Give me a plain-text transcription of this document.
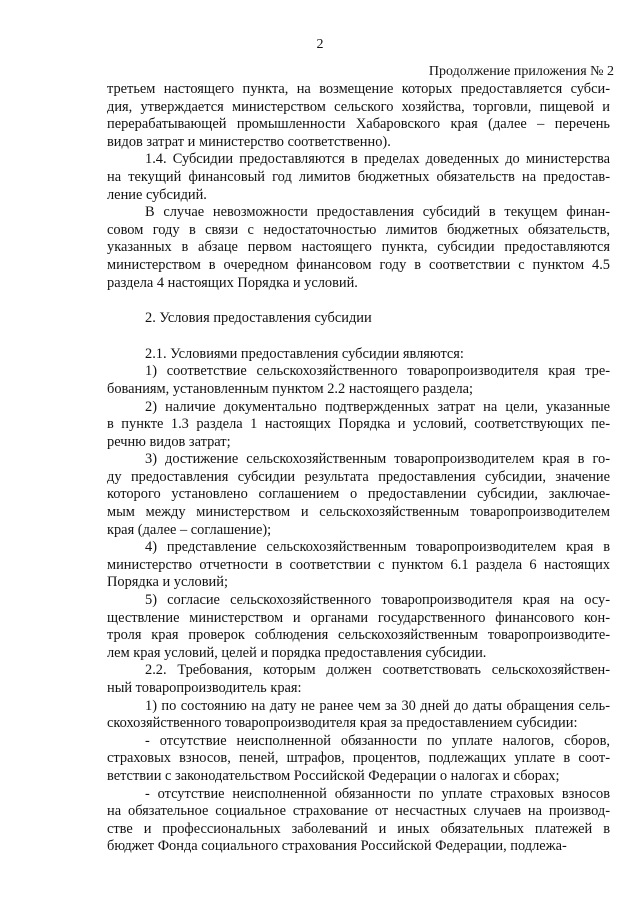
2
Продолжение приложения № 2
третьем настоящего пункта, на возмещение которых предоставляется субси-
дия, утверждается министерством сельского хозяйства, торговли, пищевой и
перерабатывающей промышленности Хабаровского края (далее – перечень
видов затрат и министерство соответственно).
1.4. Субсидии предоставляются в пределах доведенных до министерства
на текущий финансовый год лимитов бюджетных обязательств на предостав-
ление субсидий.
В случае невозможности предоставления субсидий в текущем финан-
совом году в связи с недостаточностью лимитов бюджетных обязательств,
указанных в абзаце первом настоящего пункта, субсидии предоставляются
министерством в очередном финансовом году в соответствии с пунктом 4.5
раздела 4 настоящих Порядка и условий.

2. Условия предоставления субсидии

2.1. Условиями предоставления субсидии являются:
1) соответствие сельскохозяйственного товаропроизводителя края тре-
бованиям, установленным пунктом 2.2 настоящего раздела;
2) наличие документально подтвержденных затрат на цели, указанные
в пункте 1.3 раздела 1 настоящих Порядка и условий, соответствующих пе-
речню видов затрат;
3) достижение сельскохозяйственным товаропроизводителем края в го-
ду предоставления субсидии результата предоставления субсидии, значение
которого установлено соглашением о предоставлении субсидии, заключае-
мым между министерством и сельскохозяйственным товаропроизводителем
края (далее – соглашение);
4) представление сельскохозяйственным товаропроизводителем края в
министерство отчетности в соответствии с пунктом 6.1 раздела 6 настоящих
Порядка и условий;
5) согласие сельскохозяйственного товаропроизводителя края на осу-
ществление министерством и органами государственного финансового кон-
троля края проверок соблюдения сельскохозяйственным товаропроизводите-
лем края условий, целей и порядка предоставления субсидии.
2.2. Требования, которым должен соответствовать сельскохозяйствен-
ный товаропроизводитель края:
1) по состоянию на дату не ранее чем за 30 дней до даты обращения сель-
скохозяйственного товаропроизводителя края за предоставлением субсидии:
- отсутствие неисполненной обязанности по уплате налогов, сборов,
страховых взносов, пеней, штрафов, процентов, подлежащих уплате в соот-
ветствии с законодательством Российской Федерации о налогах и сборах;
- отсутствие неисполненной обязанности по уплате страховых взносов
на обязательное социальное страхование от несчастных случаев на производ-
стве и профессиональных заболеваний и иных обязательных платежей в
бюджет Фонда социального страхования Российской Федерации, подлежа-
